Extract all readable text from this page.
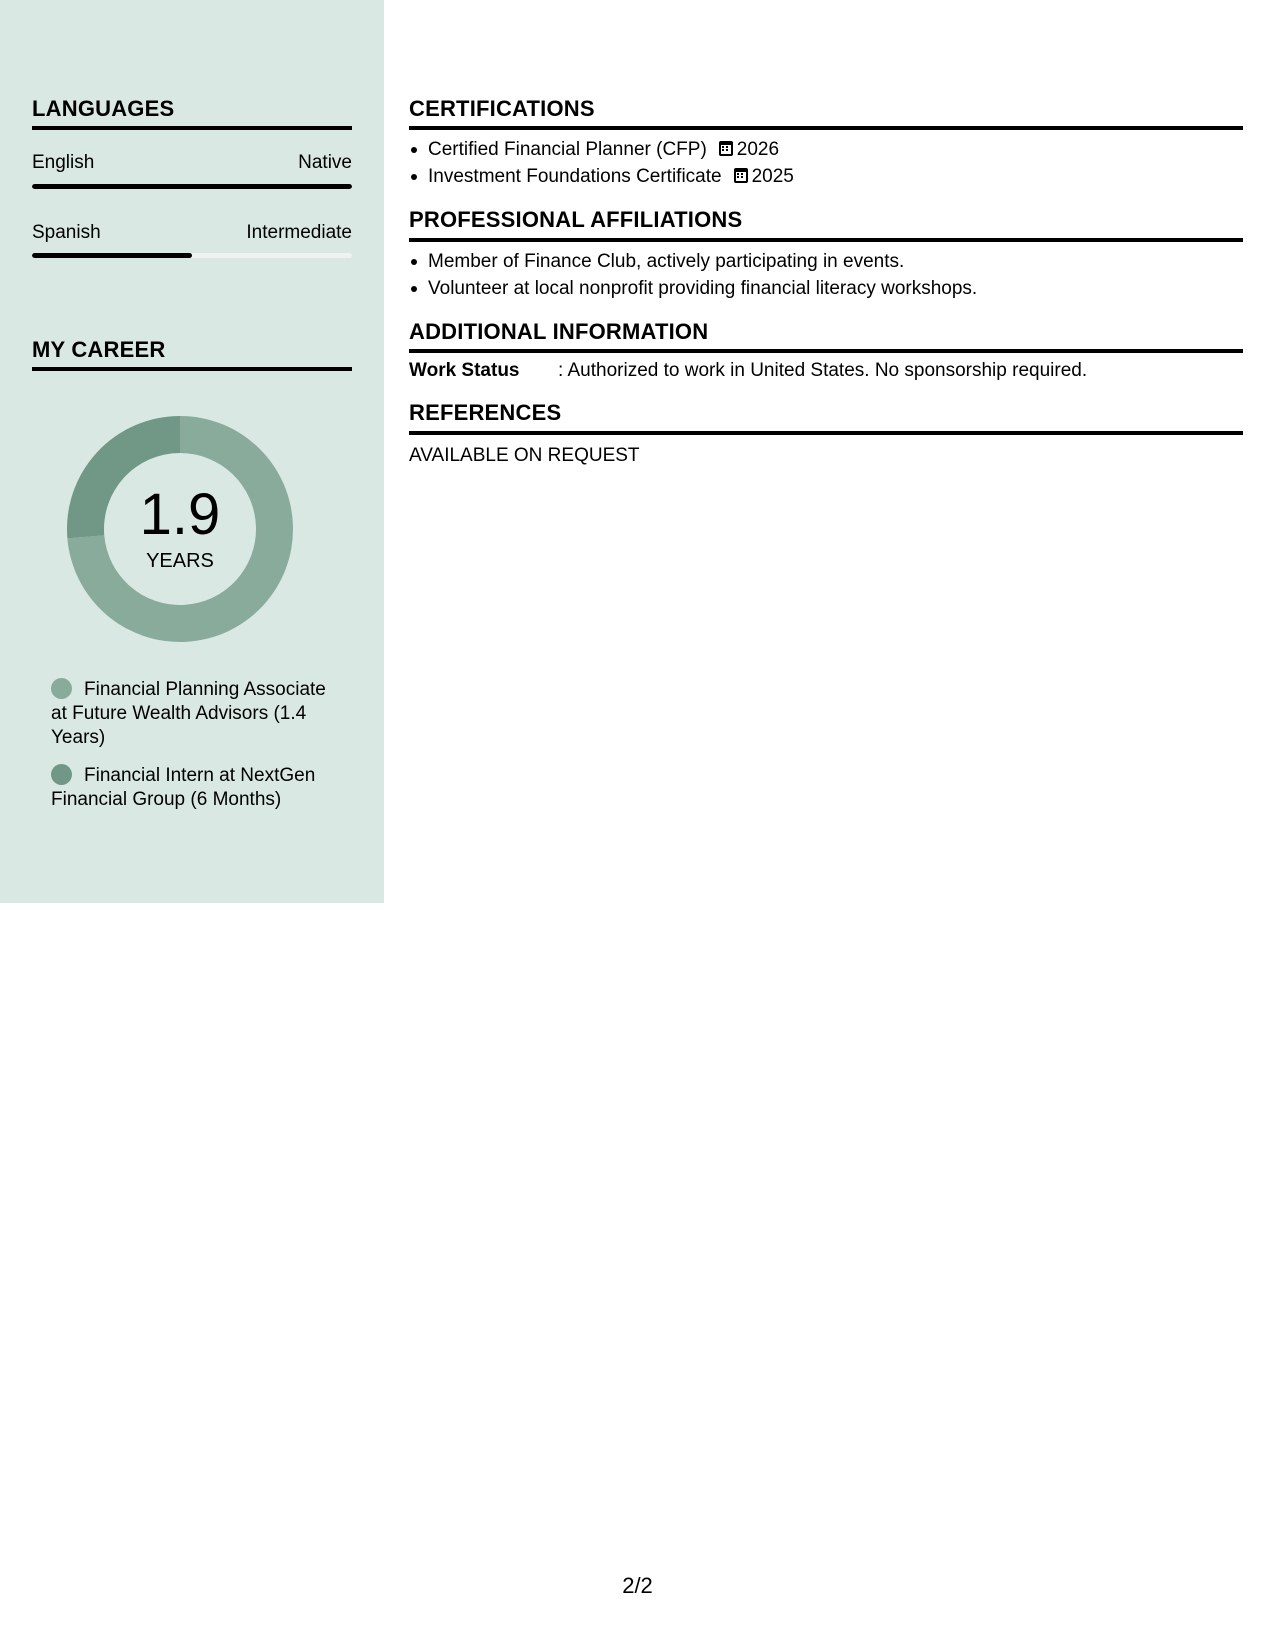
LANGUAGES
English	Native
Spanish	Intermediate
MY CAREER
1.9
YEARS
Financial Planning Associate at Future Wealth Advisors (1.4 Years)
Financial Intern at NextGen Financial Group (6 Months)
CERTIFICATIONS
Certified Financial Planner (CFP) 2026
Investment Foundations Certificate 2025
PROFESSIONAL AFFILIATIONS
Member of Finance Club, actively participating in events.
Volunteer at local nonprofit providing financial literacy workshops.
ADDITIONAL INFORMATION
Work Status : Authorized to work in United States. No sponsorship required.
REFERENCES
AVAILABLE ON REQUEST
2/2
